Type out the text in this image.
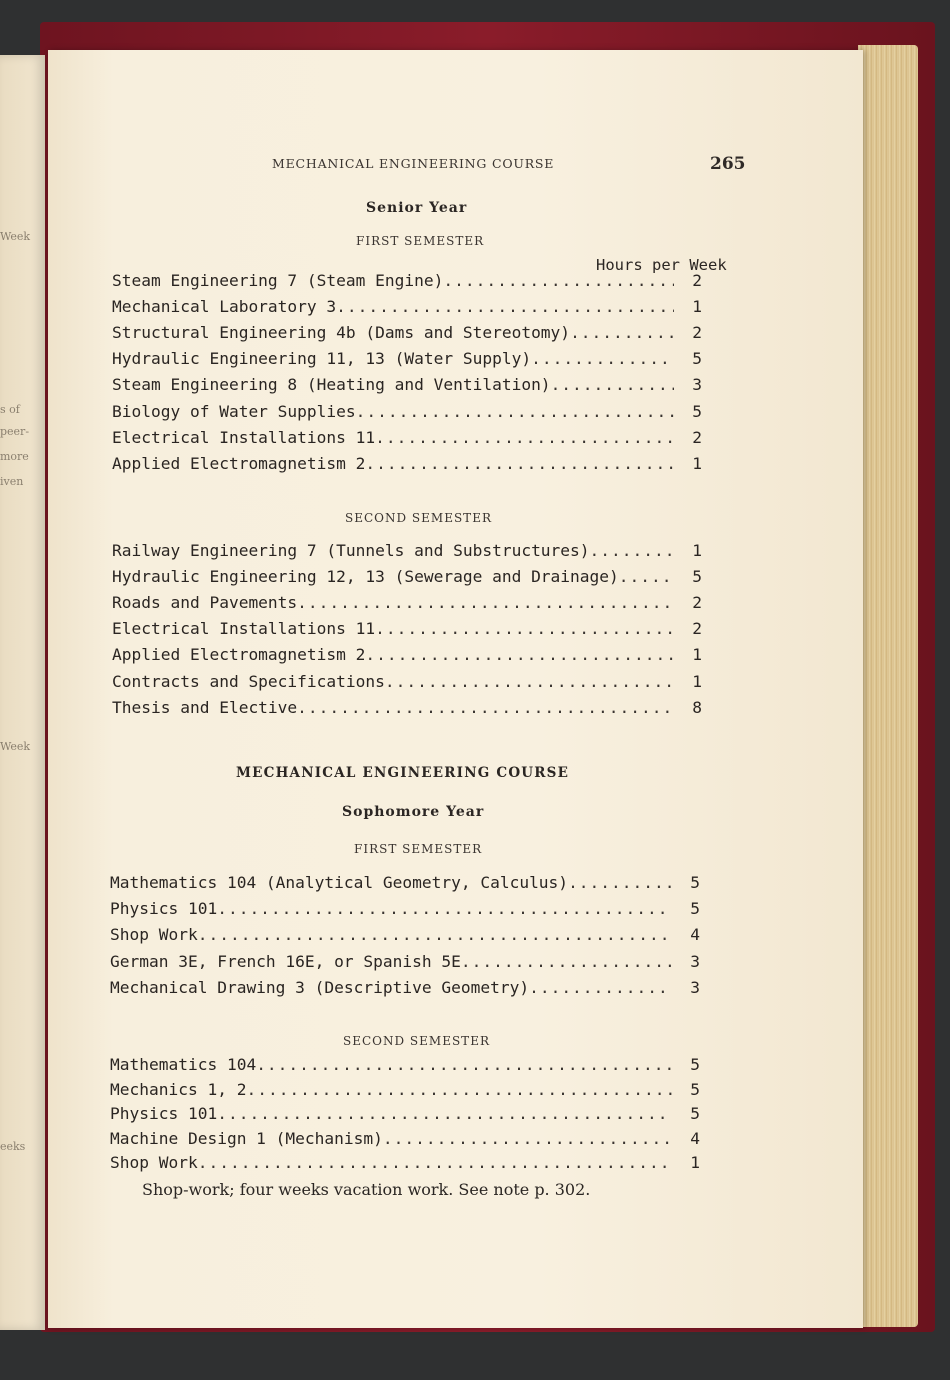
Week
s of
peer-
more
iven
Week
eeks
MECHANICAL ENGINEERING COURSE	265
Senior Year
FIRST SEMESTER
Hours per Week
Steam Engineering 7 (Steam Engine) .....	2
Mechanical Laboratory 3 .....	1
Structural Engineering 4b (Dams and Stereotomy) .....	2
Hydraulic Engineering 11, 13 (Water Supply) .....	5
Steam Engineering 8 (Heating and Ventilation) .....	3
Biology of Water Supplies .....	5
Electrical Installations 11 .....	2
Applied Electromagnetism 2 .....	1
SECOND SEMESTER
Railway Engineering 7 (Tunnels and Substructures) .....	1
Hydraulic Engineering 12, 13 (Sewerage and Drainage) .....	5
Roads and Pavements .....	2
Electrical Installations 11 .....	2
Applied Electromagnetism 2 .....	1
Contracts and Specifications .....	1
Thesis and Elective .....	8
MECHANICAL ENGINEERING COURSE
Sophomore Year
FIRST SEMESTER
Mathematics 104 (Analytical Geometry, Calculus) .....	5
Physics 101 .....	5
Shop Work .....	4
German 3E, French 16E, or Spanish 5E .....	3
Mechanical Drawing 3 (Descriptive Geometry) .....	3
SECOND SEMESTER
Mathematics 104 .....	5
Mechanics 1, 2 .....	5
Physics 101 .....	5
Machine Design 1 (Mechanism) .....	4
Shop Work .....	1
Shop-work; four weeks vacation work. See note p. 302.
